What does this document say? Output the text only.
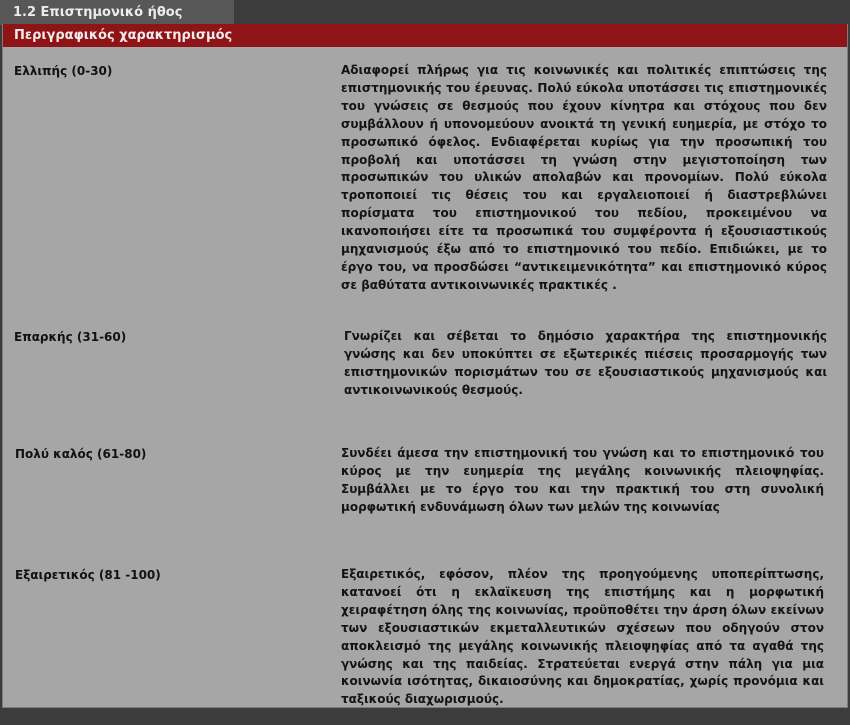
1.2 Επιστημονικό ήθος
Περιγραφικός χαρακτηρισμός
Ελλιπής (0-30)	Αδιαφορεί πλήρως για τις κοινωνικές και πολιτικές επιπτώσεις της επιστημονικής του έρευνας. Πολύ εύκολα υποτάσσει τις επιστημονικές του γνώσεις σε θεσμούς που έχουν κίνητρα και στόχους που δεν συμβάλλουν ή υπονομεύουν ανοικτά τη γενική ευημερία, με στόχο το προσωπικό όφελος. Ενδιαφέρεται κυρίως για την προσωπική του προβολή και υποτάσσει τη γνώση στην μεγιστοποίηση των προσωπικών του υλικών απολαβών και προνομίων. Πολύ εύκολα τροποποιεί τις θέσεις του και εργαλειοποιεί ή διαστρεβλώνει πορίσματα του επιστημονικού του πεδίου, προκειμένου να ικανοποιήσει είτε τα προσωπικά του συμφέροντα ή εξουσιαστικούς μηχανισμούς έξω από το επιστημονικό του πεδίο. Επιδιώκει, με το έργο του, να προσδώσει “αντικειμενικότητα” και επιστημονικό κύρος σε βαθύτατα αντικοινωνικές πρακτικές .
Επαρκής (31-60)	Γνωρίζει και σέβεται το δημόσιο χαρακτήρα της επιστημονικής γνώσης και δεν υποκύπτει σε εξωτερικές πιέσεις προσαρμογής των επιστημονικών πορισμάτων του σε εξουσιαστικούς μηχανισμούς και αντικοινωνικούς θεσμούς.
Πολύ καλός (61-80)	Συνδέει άμεσα την επιστημονική του γνώση και το επιστημονικό του κύρος με την ευημερία της μεγάλης κοινωνικής πλειοψηφίας. Συμβάλλει με το έργο του και την πρακτική του στη συνολική μορφωτική ενδυνάμωση όλων των μελών της κοινωνίας
Εξαιρετικός (81 -100)	Εξαιρετικός, εφόσον, πλέον της προηγούμενης υποπερίπτωσης, κατανοεί ότι η εκλαϊκευση της επιστήμης και η μορφωτική χειραφέτηση όλης της κοινωνίας, προϋποθέτει την άρση όλων εκείνων των εξουσιαστικών εκμεταλλευτικών σχέσεων που οδηγούν στον αποκλεισμό της μεγάλης κοινωνικής πλειοψηφίας από τα αγαθά της γνώσης και της παιδείας. Στρατεύεται ενεργά στην πάλη για μια κοινωνία ισότητας, δικαιοσύνης και δημοκρατίας, χωρίς προνόμια και ταξικούς διαχωρισμούς.
